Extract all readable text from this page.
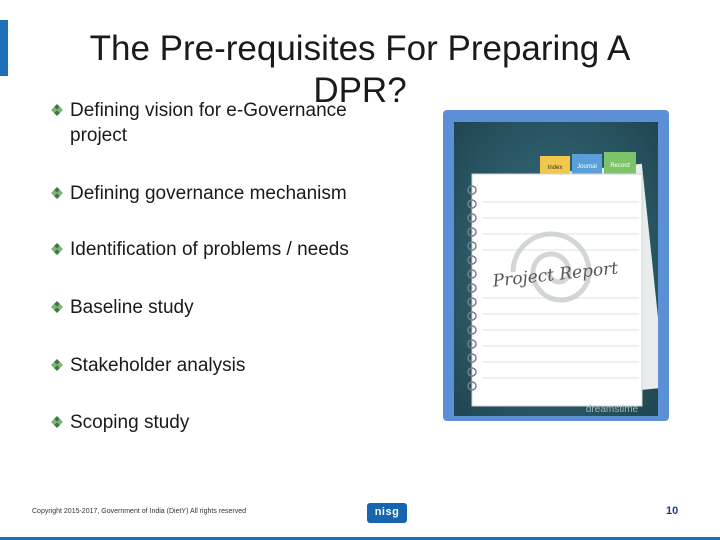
The Pre-requisites For Preparing A DPR?
Defining vision for e-Governance project
Defining governance mechanism
Identification of problems / needs
Baseline study
Stakeholder analysis
Scoping study
Index Journal Record
Project Report
dreamstime
Copyright 2015-2017, Government of India (DietY) All rights reserved	nisg	10
